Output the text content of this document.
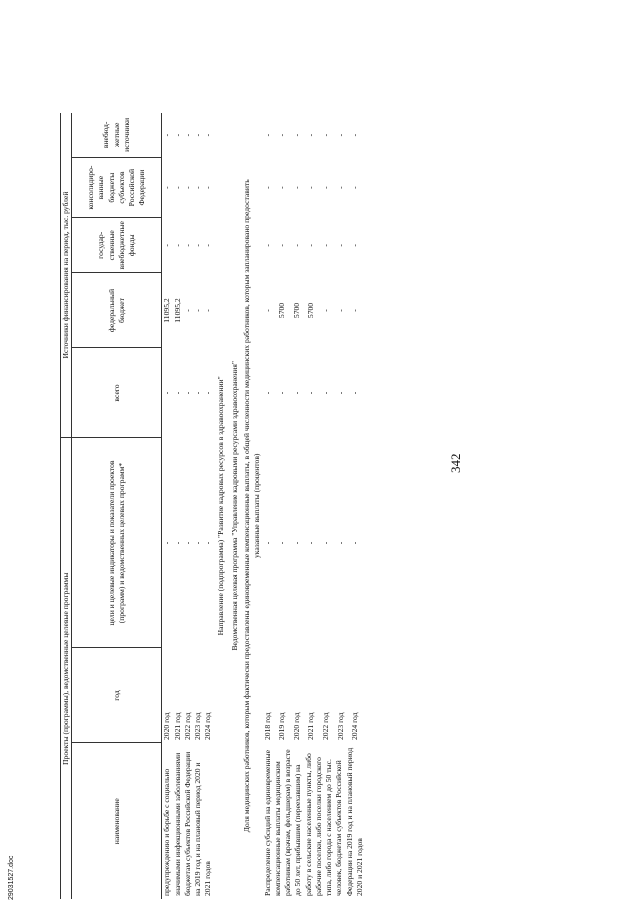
342
Проекты (программы), ведомственные целевые программы			Источники финансирования на период, тыс. рублей				
наименование	год	цели и целевые индикаторы и показатели проектов (программ) и ведомственных целевых программ*	всего	федеральный бюджет	государ-ственные внебюджетные фонды	консолидиро-ванные бюджеты субъектов Российской Федерации	внебюд-жетные источники
предупреждению и борьбе с социально значимыми инфекционными заболеваниями бюджетам субъектов Российской Федерации на 2019 год и на плановый период 2020 и 2021 годов	2020 год	-	-	11095,2	-	-	-
	2021 год	-	-	11095,2	-	-	-
	2022 год	-	-	-	-	-	-
	2023 год	-	-	-	-	-	-
	2024 год	-	-	-	-	-	-
Направление (подпрограмма) "Развитие кадровых ресурсов в здравоохранении"							
Ведомственная целевая программа "Управление кадровыми ресурсами здравоохранения"							
Доля медицинских работников, которым фактически предоставлены единовременные компенсационные выплаты, в общей численности медицинских работников, которым запланировано предоставить указанные выплаты (процентов)							
Распределение субсидий на единовременные компенсационные выплаты медицинским работникам (врачам, фельдшерам) в возрасте до 50 лет, прибывшим (переехавшим) на работу в сельские населенные пункты, либо рабочие поселки, либо поселки городского типа, либо города с населением до 50 тыс. человек, бюджетам субъектов Российской Федерации на 2019 год и на плановый период 2020 и 2021 годов	2018 год	-	-	-	-	-	-
	2019 год	-	-	5700	-	-	-
	2020 год	-	-	5700	-	-	-
	2021 год	-	-	5700	-	-	-
	2022 год	-	-	-	-	-	-
	2023 год	-	-	-	-	-	-
	2024 год	-	-	-	-	-	-
29031527.doc
